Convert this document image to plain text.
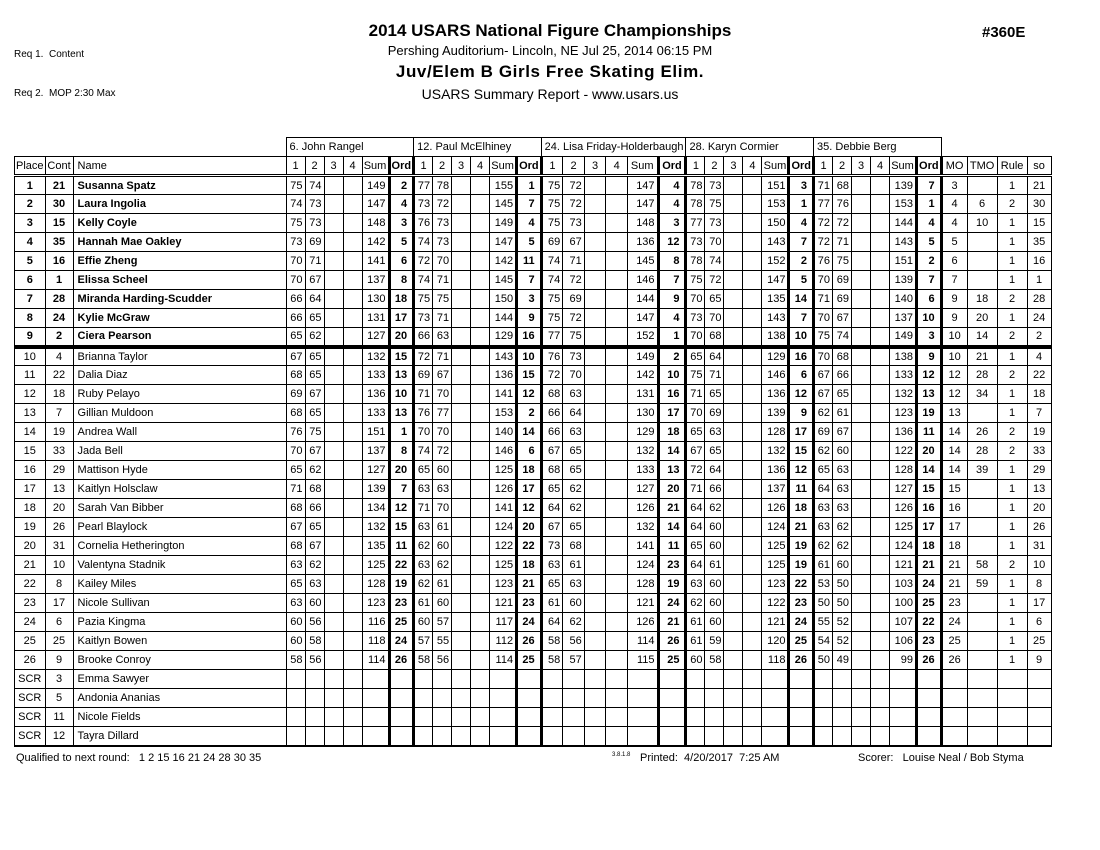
Req 1.  Content

Req 2.  MOP 2:30 Max

2014 USARS National Figure Championships
Pershing Auditorium- Lincoln, NE Jul 25, 2014 06:15 PM
Juv/Elem B Girls Free Skating Elim.
USARS Summary Report - www.usars.us
#360E
			6. John Rangel						12. Paul McElhiney						24. Lisa Friday-Holderbaugh						28. Karyn Cormier						35. Debbie Berg									
Place	Cont	Name	1	2	3	4	Sum	Ord	1	2	3	4	Sum	Ord	1	2	3	4	Sum	Ord	1	2	3	4	Sum	Ord	1	2	3	4	Sum	Ord	MO	TMO	Rule	so
1	21	Susanna Spatz	75	74			149	2	77	78			155	1	75	72			147	4	78	73			151	3	71	68			139	7	3		1	21
2	30	Laura Ingolia	74	73			147	4	73	72			145	7	75	72			147	4	78	75			153	1	77	76			153	1	4	6	2	30
3	15	Kelly Coyle	75	73			148	3	76	73			149	4	75	73			148	3	77	73			150	4	72	72			144	4	4	10	1	15
4	35	Hannah Mae Oakley	73	69			142	5	74	73			147	5	69	67			136	12	73	70			143	7	72	71			143	5	5		1	35
5	16	Effie Zheng	70	71			141	6	72	70			142	11	74	71			145	8	78	74			152	2	76	75			151	2	6		1	16
6	1	Elissa Scheel	70	67			137	8	74	71			145	7	74	72			146	7	75	72			147	5	70	69			139	7	7		1	1
7	28	Miranda Harding-Scudder	66	64			130	18	75	75			150	3	75	69			144	9	70	65			135	14	71	69			140	6	9	18	2	28
8	24	Kylie McGraw	66	65			131	17	73	71			144	9	75	72			147	4	73	70			143	7	70	67			137	10	9	20	1	24
9	2	Ciera Pearson	65	62			127	20	66	63			129	16	77	75			152	1	70	68			138	10	75	74			149	3	10	14	2	2
10	4	Brianna Taylor	67	65			132	15	72	71			143	10	76	73			149	2	65	64			129	16	70	68			138	9	10	21	1	4
11	22	Dalia Diaz	68	65			133	13	69	67			136	15	72	70			142	10	75	71			146	6	67	66			133	12	12	28	2	22
12	18	Ruby Pelayo	69	67			136	10	71	70			141	12	68	63			131	16	71	65			136	12	67	65			132	13	12	34	1	18
13	7	Gillian Muldoon	68	65			133	13	76	77			153	2	66	64			130	17	70	69			139	9	62	61			123	19	13		1	7
14	19	Andrea Wall	76	75			151	1	70	70			140	14	66	63			129	18	65	63			128	17	69	67			136	11	14	26	2	19
15	33	Jada Bell	70	67			137	8	74	72			146	6	67	65			132	14	67	65			132	15	62	60			122	20	14	28	2	33
16	29	Mattison Hyde	65	62			127	20	65	60			125	18	68	65			133	13	72	64			136	12	65	63			128	14	14	39	1	29
17	13	Kaitlyn Holsclaw	71	68			139	7	63	63			126	17	65	62			127	20	71	66			137	11	64	63			127	15	15		1	13
18	20	Sarah Van Bibber	68	66			134	12	71	70			141	12	64	62			126	21	64	62			126	18	63	63			126	16	16		1	20
19	26	Pearl Blaylock	67	65			132	15	63	61			124	20	67	65			132	14	64	60			124	21	63	62			125	17	17		1	26
20	31	Cornelia Hetherington	68	67			135	11	62	60			122	22	73	68			141	11	65	60			125	19	62	62			124	18	18		1	31
21	10	Valentyna Stadnik	63	62			125	22	63	62			125	18	63	61			124	23	64	61			125	19	61	60			121	21	21	58	2	10
22	8	Kailey Miles	65	63			128	19	62	61			123	21	65	63			128	19	63	60			123	22	53	50			103	24	21	59	1	8
23	17	Nicole Sullivan	63	60			123	23	61	60			121	23	61	60			121	24	62	60			122	23	50	50			100	25	23		1	17
24	6	Pazia Kingma	60	56			116	25	60	57			117	24	64	62			126	21	61	60			121	24	55	52			107	22	24		1	6
25	25	Kaitlyn Bowen	60	58			118	24	57	55			112	26	58	56			114	26	61	59			120	25	54	52			106	23	25		1	25
26	9	Brooke Conroy	58	56			114	26	58	56			114	25	58	57			115	25	60	58			118	26	50	49			99	26	26		1	9
SCR	3	Emma Sawyer																																		
SCR	5	Andonia Ananias																																		
SCR	11	Nicole Fields																																		
SCR	12	Tayra Dillard																																		
Qualified to next round:   1 2 15 16 21 24 28 30 35	3.8.1.8 Printed: 4/20/2017  7:25 AM	Scorer: Louise Neal / Bob Styma
